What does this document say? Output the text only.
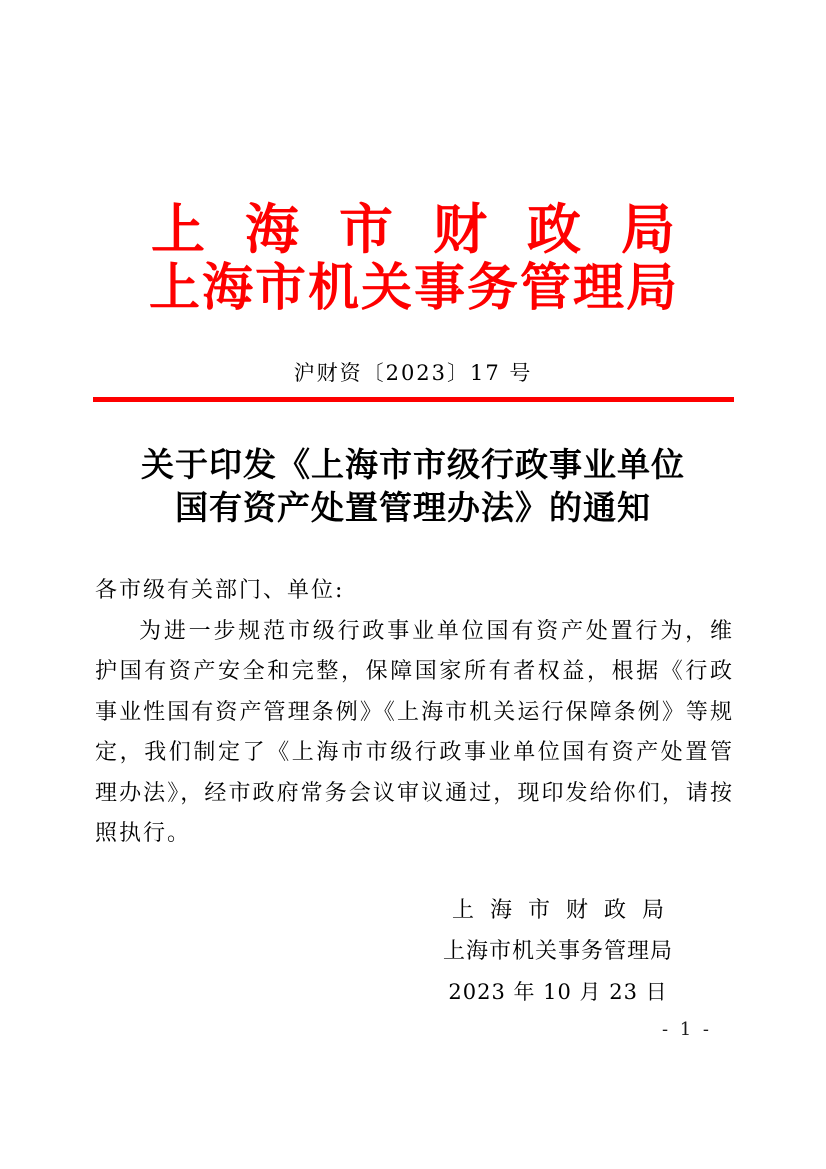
上海市财政局
上海市机关事务管理局
沪财资〔2023〕17 号
关于印发《上海市市级行政事业单位
国有资产处置管理办法》的通知
各市级有关部门、单位:
为进一步规范市级行政事业单位国有资产处置行为，维
护国有资产安全和完整，保障国家所有者权益，根据《行政
事业性国有资产管理条例》《上海市机关运行保障条例》等规
定，我们制定了《上海市市级行政事业单位国有资产处置管
理办法》，经市政府常务会议审议通过，现印发给你们，请按
照执行。
上海市财政局
上海市机关事务管理局
2023 年 10 月 23 日
- 1 -
